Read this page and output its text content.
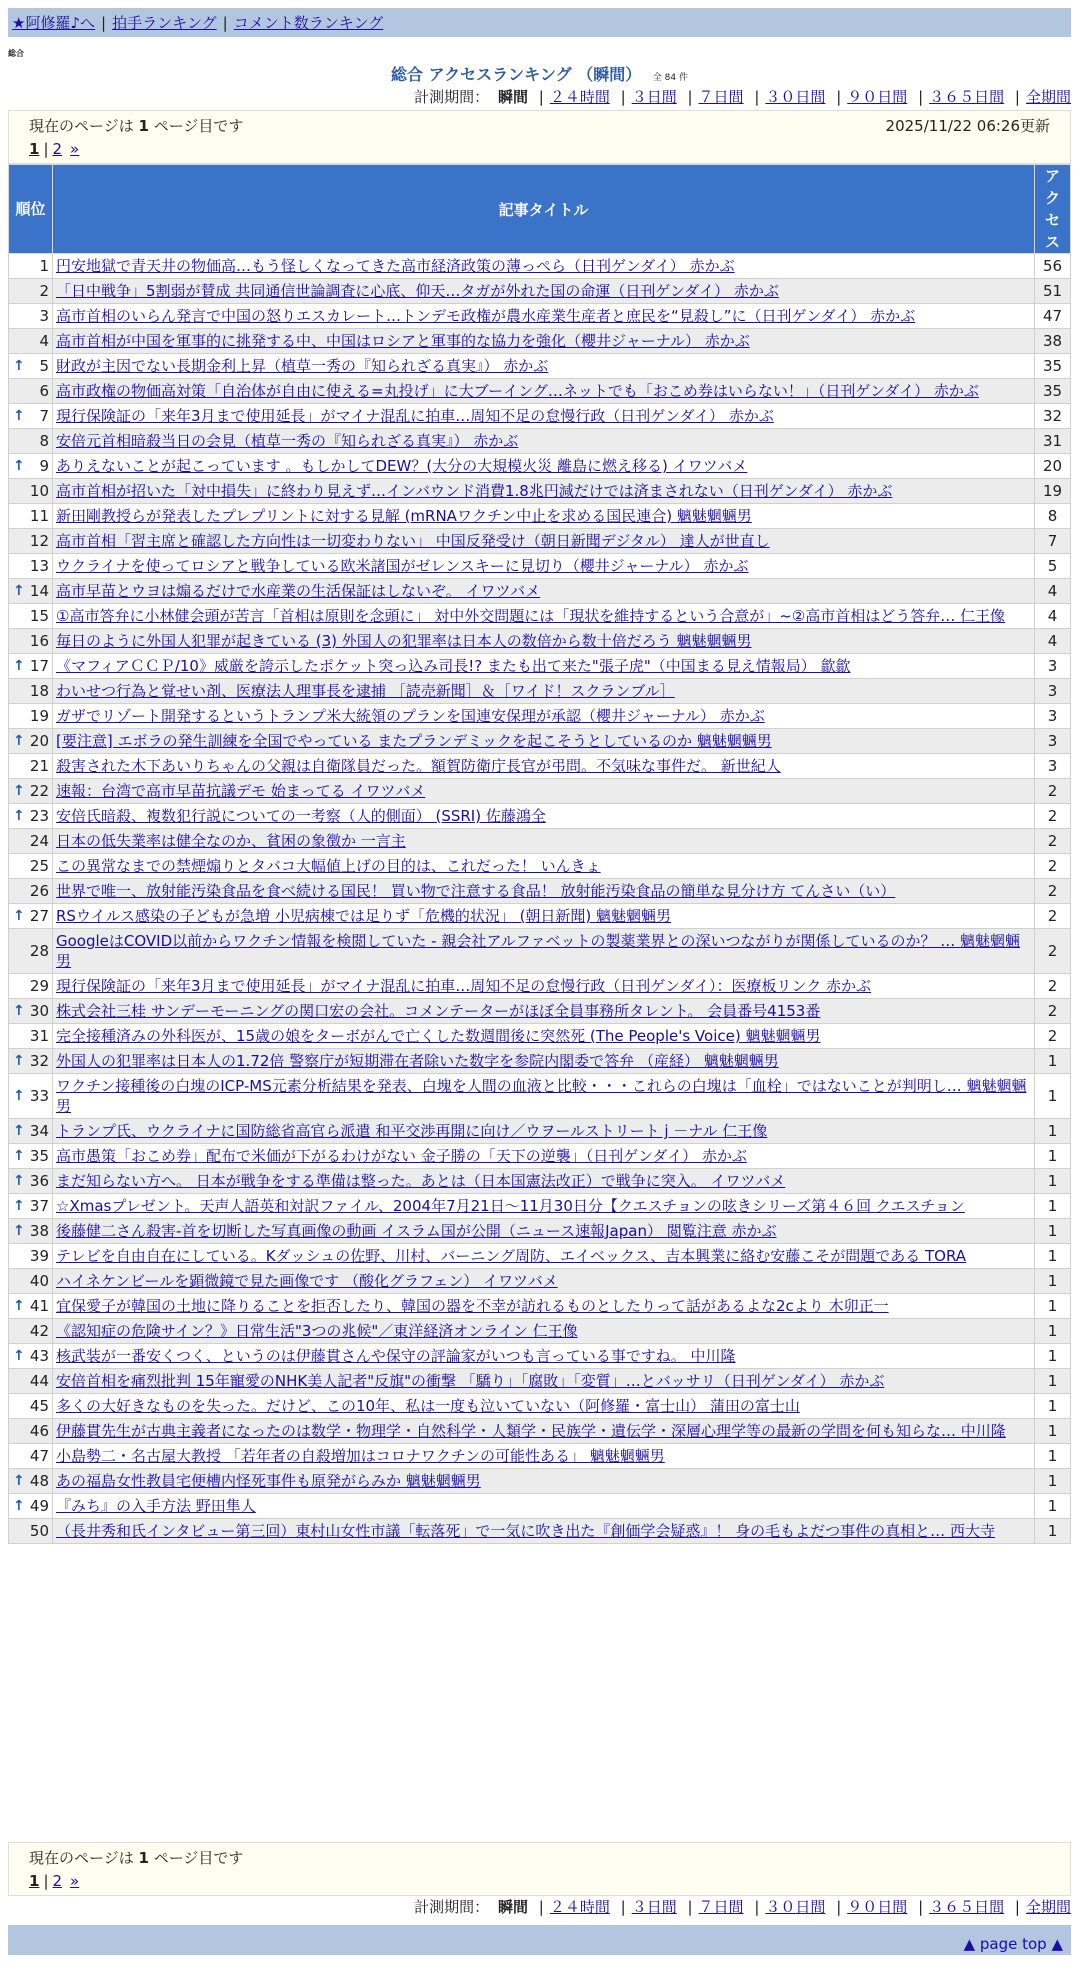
★阿修羅♪へ | 拍手ランキング | コメント数ランキング
総合
総合 アクセスランキング （瞬間） 全 84 件
計測期間： 瞬間 | ２４時間 | ３日間 | ７日間 | ３０日間 | ９０日間 | ３６５日間 | 全期間
現在のページは 1 ページ目です	2025/11/22 06:26更新
1 | 2 »
順位	記事タイトル	アクセス
1	円安地獄で青天井の物価高…もう怪しくなってきた高市経済政策の薄っぺら（日刊ゲンダイ） 赤かぶ	56
2	「日中戦争」5割弱が賛成 共同通信世論調査に心底、仰天…タガが外れた国の命運（日刊ゲンダイ） 赤かぶ	51
3	高市首相のいらん発言で中国の怒りエスカレート…トンデモ政権が農水産業生産者と庶民を“見殺し”に（日刊ゲンダイ） 赤かぶ	47
4	高市首相が中国を軍事的に挑発する中、中国はロシアと軍事的な協力を強化（櫻井ジャーナル） 赤かぶ	38

↑ 5	財政が主因でない長期金利上昇（植草一秀の『知られざる真実』） 赤かぶ	35
6	高市政権の物価高対策「自治体が自由に使える=丸投げ」に大ブーイング…ネットでも「おこめ券はいらない！」（日刊ゲンダイ） 赤かぶ	35

↑ 7	現行保険証の「来年3月まで使用延長」がマイナ混乱に拍車…周知不足の怠慢行政（日刊ゲンダイ） 赤かぶ	32
8	安倍元首相暗殺当日の会見（植草一秀の『知られざる真実』） 赤かぶ	31

↑ 9	ありえないことが起こっています 。もしかしてDEW？(大分の大規模火災 離島に燃え移る) イワツバメ	20
10	高市首相が招いた「対中損失」に終わり見えず…インバウンド消費1.8兆円減だけでは済まされない（日刊ゲンダイ） 赤かぶ	19
11	新田剛教授らが発表したプレプリントに対する見解 (mRNAワクチン中止を求める国民連合) 魑魅魍魎男	8
12	高市首相「習主席と確認した方向性は一切変わりない」 中国反発受け（朝日新聞デジタル） 達人が世直し	7
13	ウクライナを使ってロシアと戦争している欧米諸国がゼレンスキーに見切り（櫻井ジャーナル） 赤かぶ	5

↑ 14	高市早苗とウヨは煽るだけで水産業の生活保証はしないぞ。 イワツバメ	4
15	①高市答弁に小林健会頭が苦言「首相は原則を念頭に」 対中外交問題には「現状を維持するという合意が」~②高市首相はどう答弁… 仁王像	4
16	毎日のように外国人犯罪が起きている (3) 外国人の犯罪率は日本人の数倍から数十倍だろう 魑魅魍魎男	4

↑ 17	《マフィアＣＣＰ/10》威厳を誇示したポケット突っ込み司長!? またも出て来た"張子虎"（中国まる見え情報局） 歙歙	3
18	わいせつ行為と覚せい剤、医療法人理事長を逮捕 ［読売新聞］＆［ワイド！スクランブル］	3
19	ガザでリゾート開発するというトランプ米大統領のプランを国連安保理が承認（櫻井ジャーナル） 赤かぶ	3

↑ 20	[要注意] エボラの発生訓練を全国でやっている またプランデミックを起こそうとしているのか 魑魅魍魎男	3
21	殺害された木下あいりちゃんの父親は自衛隊員だった。額賀防衛庁長官が弔問。不気味な事件だ。 新世紀人	3

↑ 22	速報：台湾で高市早苗抗議デモ 始まってる イワツバメ	2

↑ 23	安倍氏暗殺、複数犯行説についての一考察（人的側面） (SSRI) 佐藤鴻全	2
24	日本の低失業率は健全なのか、貧困の象徴か 一言主	2
25	この異常なまでの禁煙煽りとタバコ大幅値上げの目的は、これだった！ いんきょ	2
26	世界で唯一、放射能汚染食品を食べ続ける国民！ 買い物で注意する食品！ 放射能汚染食品の簡単な見分け方 てんさい（い）	2

↑ 27	RSウイルス感染の子どもが急増 小児病棟では足りず「危機的状況」 (朝日新聞) 魑魅魍魎男	2
28	GoogleはCOVID以前からワクチン情報を検閲していた - 親会社アルファベットの製薬業界との深いつながりが関係しているのか？ … 魑魅魍魎男	2
29	現行保険証の「来年3月まで使用延長」がマイナ混乱に拍車…周知不足の怠慢行政（日刊ゲンダイ）：医療板リンク 赤かぶ	2

↑ 30	株式会社三桂 サンデーモーニングの関口宏の会社。コメンテーターがほぼ全員事務所タレント。 会員番号4153番	2
31	完全接種済みの外科医が、15歳の娘をターボがんで亡くした数週間後に突然死 (The People's Voice) 魑魅魍魎男	2

↑ 32	外国人の犯罪率は日本人の1.72倍 警察庁が短期滞在者除いた数字を参院内閣委で答弁 （産経） 魑魅魍魎男	1

↑ 33	ワクチン接種後の白塊のICP-MS元素分析結果を発表、白塊を人間の血液と比較・・・これらの白塊は「血栓」ではないことが判明し… 魑魅魍魎男	1

↑ 34	トランプ氏、ウクライナに国防総省高官ら派遣 和平交渉再開に向け／ウヲールストリート j －ナル 仁王像	1

↑ 35	高市愚策「おこめ券」配布で米価が下がるわけがない 金子勝の「天下の逆襲」（日刊ゲンダイ） 赤かぶ	1

↑ 36	まだ知らない方へ。 日本が戦争をする準備は整った。あとは（日本国憲法改正）で戦争に突入。 イワツバメ	1

↑ 37	☆Xmasプレゼント。天声人語英和対訳ファイル、2004年7月21日～11月30日分【クエスチョンの呟きシリーズ第４６回 クエスチョン	1

↑ 38	後藤健二さん殺害-首を切断した写真画像の動画 イスラム国が公開（ニュース速報Japan） 閲覧注意 赤かぶ	1
39	テレビを自由自在にしている。Kダッシュの佐野、川村、バーニング周防、エイベックス、吉本興業に絡む安藤こそが問題である TORA	1
40	ハイネケンビールを顕微鏡で見た画像です （酸化グラフェン） イワツバメ	1

↑ 41	宜保愛子が韓国の土地に降りることを拒否したり、韓国の器を不幸が訪れるものとしたりって話があるよな2cより 木卯正一	1
42	《認知症の危険サイン？》日常生活"3つの兆候"／東洋経済オンライン 仁王像	1

↑ 43	核武装が一番安くつく、というのは伊藤貫さんや保守の評論家がいつも言っている事ですね。 中川隆	1
44	安倍首相を痛烈批判 15年寵愛のNHK美人記者"反旗"の衝撃 「驕り」「腐敗」「変質」…とバッサリ（日刊ゲンダイ） 赤かぶ	1
45	多くの大好きなものを失った。だけど、この10年、私は一度も泣いていない（阿修羅・富士山） 蒲田の富士山	1
46	伊藤貫先生が古典主義者になったのは数学・物理学・自然科学・人類学・民族学・遺伝学・深層心理学等の最新の学問を何も知らな… 中川隆	1
47	小島勢二・名古屋大教授 「若年者の自殺増加はコロナワクチンの可能性ある」 魑魅魍魎男	1

↑ 48	あの福島女性教員宅便槽内怪死事件も原発がらみか 魑魅魍魎男	1

↑ 49	『みち』の入手方法 野田隼人	1
50	（長井秀和氏インタビュー第三回）東村山女性市議「転落死」で一気に吹き出た『創価学会疑惑』！ 身の毛もよだつ事件の真相と… 西大寺	1
現在のページは 1 ページ目です
1 | 2 »
計測期間： 瞬間 | ２４時間 | ３日間 | ７日間 | ３０日間 | ９０日間 | ３６５日間 | 全期間
▲ page top ▲
